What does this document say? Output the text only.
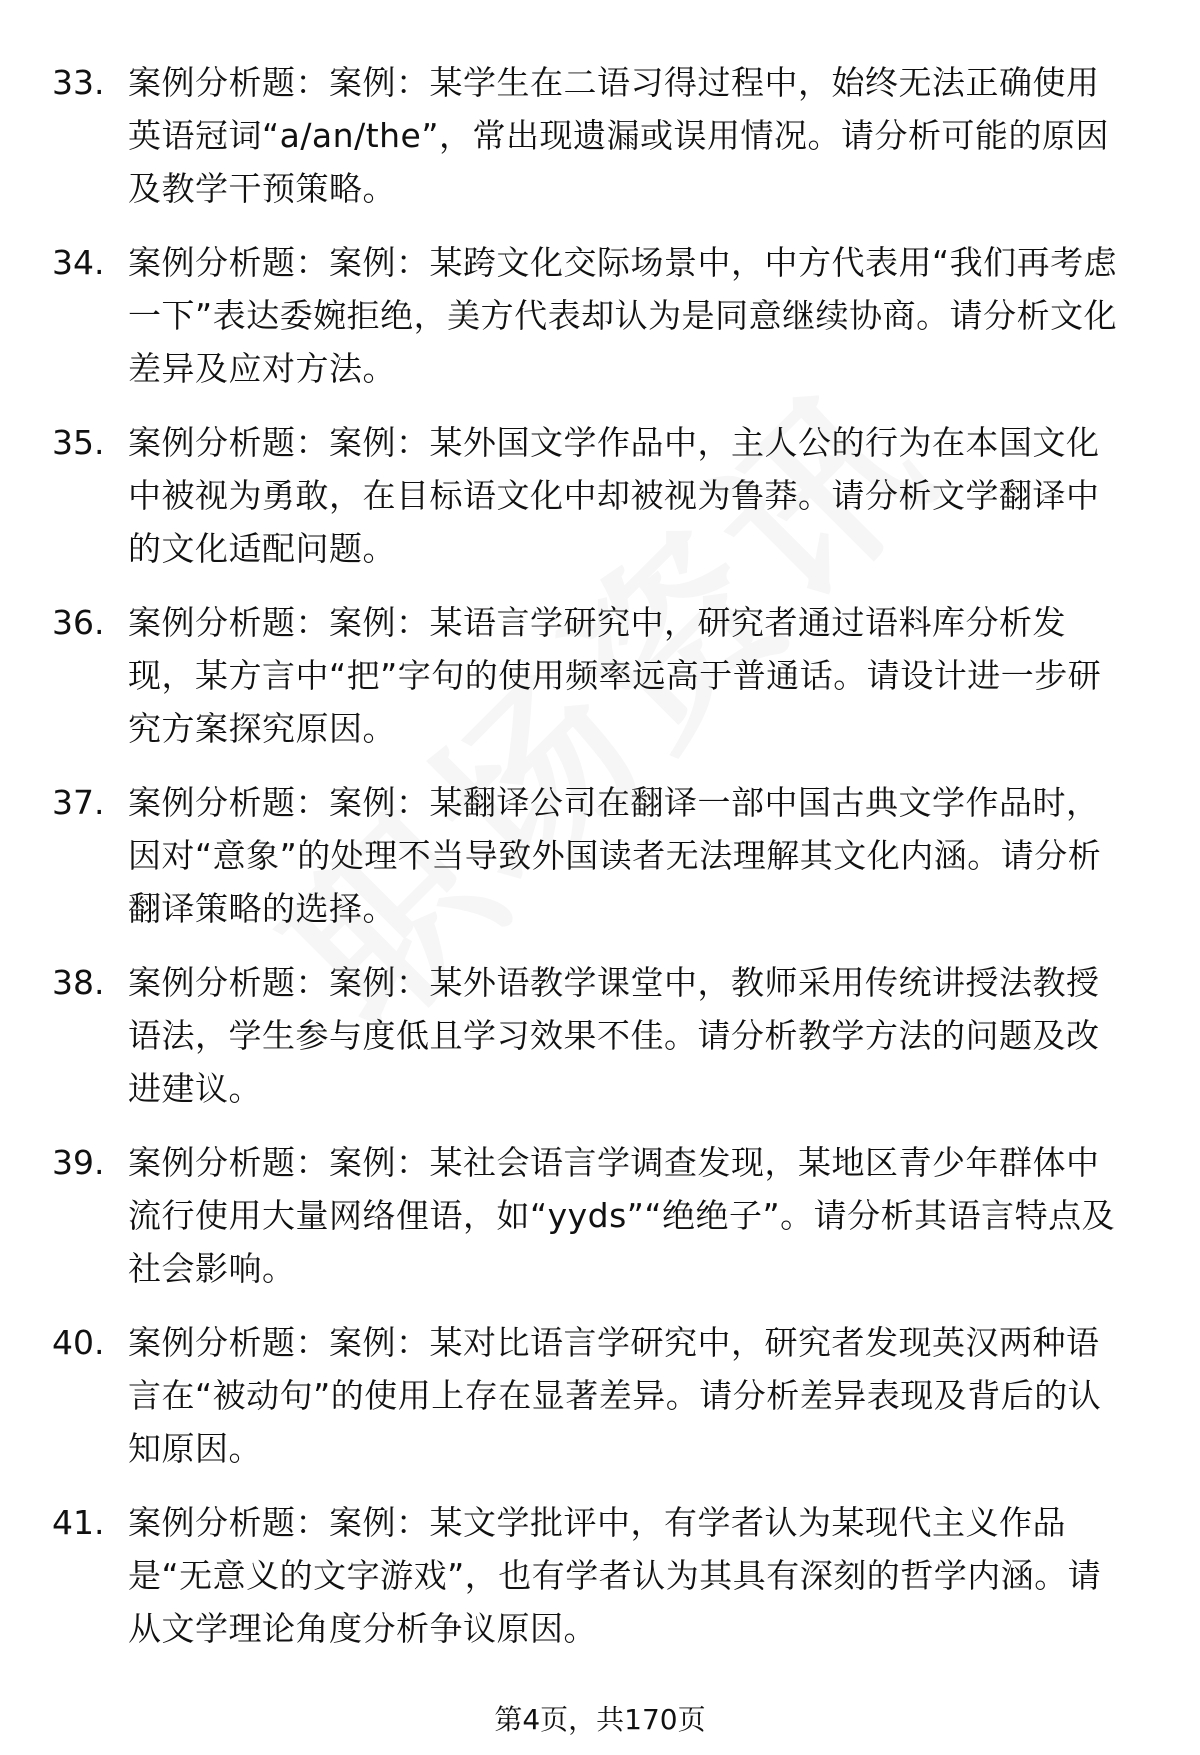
33. 案例分析题：案例：某学生在二语习得过程中，始终无法正确使用英语冠词“a/an/the”，常出现遗漏或误用情况。请分析可能的原因及教学干预策略。
34. 案例分析题：案例：某跨文化交际场景中，中方代表用“我们再考虑一下”表达委婉拒绝，美方代表却认为是同意继续协商。请分析文化差异及应对方法。
35. 案例分析题：案例：某外国文学作品中，主人公的行为在本国文化中被视为勇敢，在目标语文化中却被视为鲁莽。请分析文学翻译中的文化适配问题。
36. 案例分析题：案例：某语言学研究中，研究者通过语料库分析发现，某方言中“把”字句的使用频率远高于普通话。请设计进一步研究方案探究原因。
37. 案例分析题：案例：某翻译公司在翻译一部中国古典文学作品时，因对“意象”的处理不当导致外国读者无法理解其文化内涵。请分析翻译策略的选择。
38. 案例分析题：案例：某外语教学课堂中，教师采用传统讲授法教授语法，学生参与度低且学习效果不佳。请分析教学方法的问题及改进建议。
39. 案例分析题：案例：某社会语言学调查发现，某地区青少年群体中流行使用大量网络俚语，如“yyds”“绝绝子”。请分析其语言特点及社会影响。
40. 案例分析题：案例：某对比语言学研究中，研究者发现英汉两种语言在“被动句”的使用上存在显著差异。请分析差异表现及背后的认知原因。
41. 案例分析题：案例：某文学批评中，有学者认为某现代主义作品是“无意义的文字游戏”，也有学者认为其具有深刻的哲学内涵。请从文学理论角度分析争议原因。
第4页，共170页
